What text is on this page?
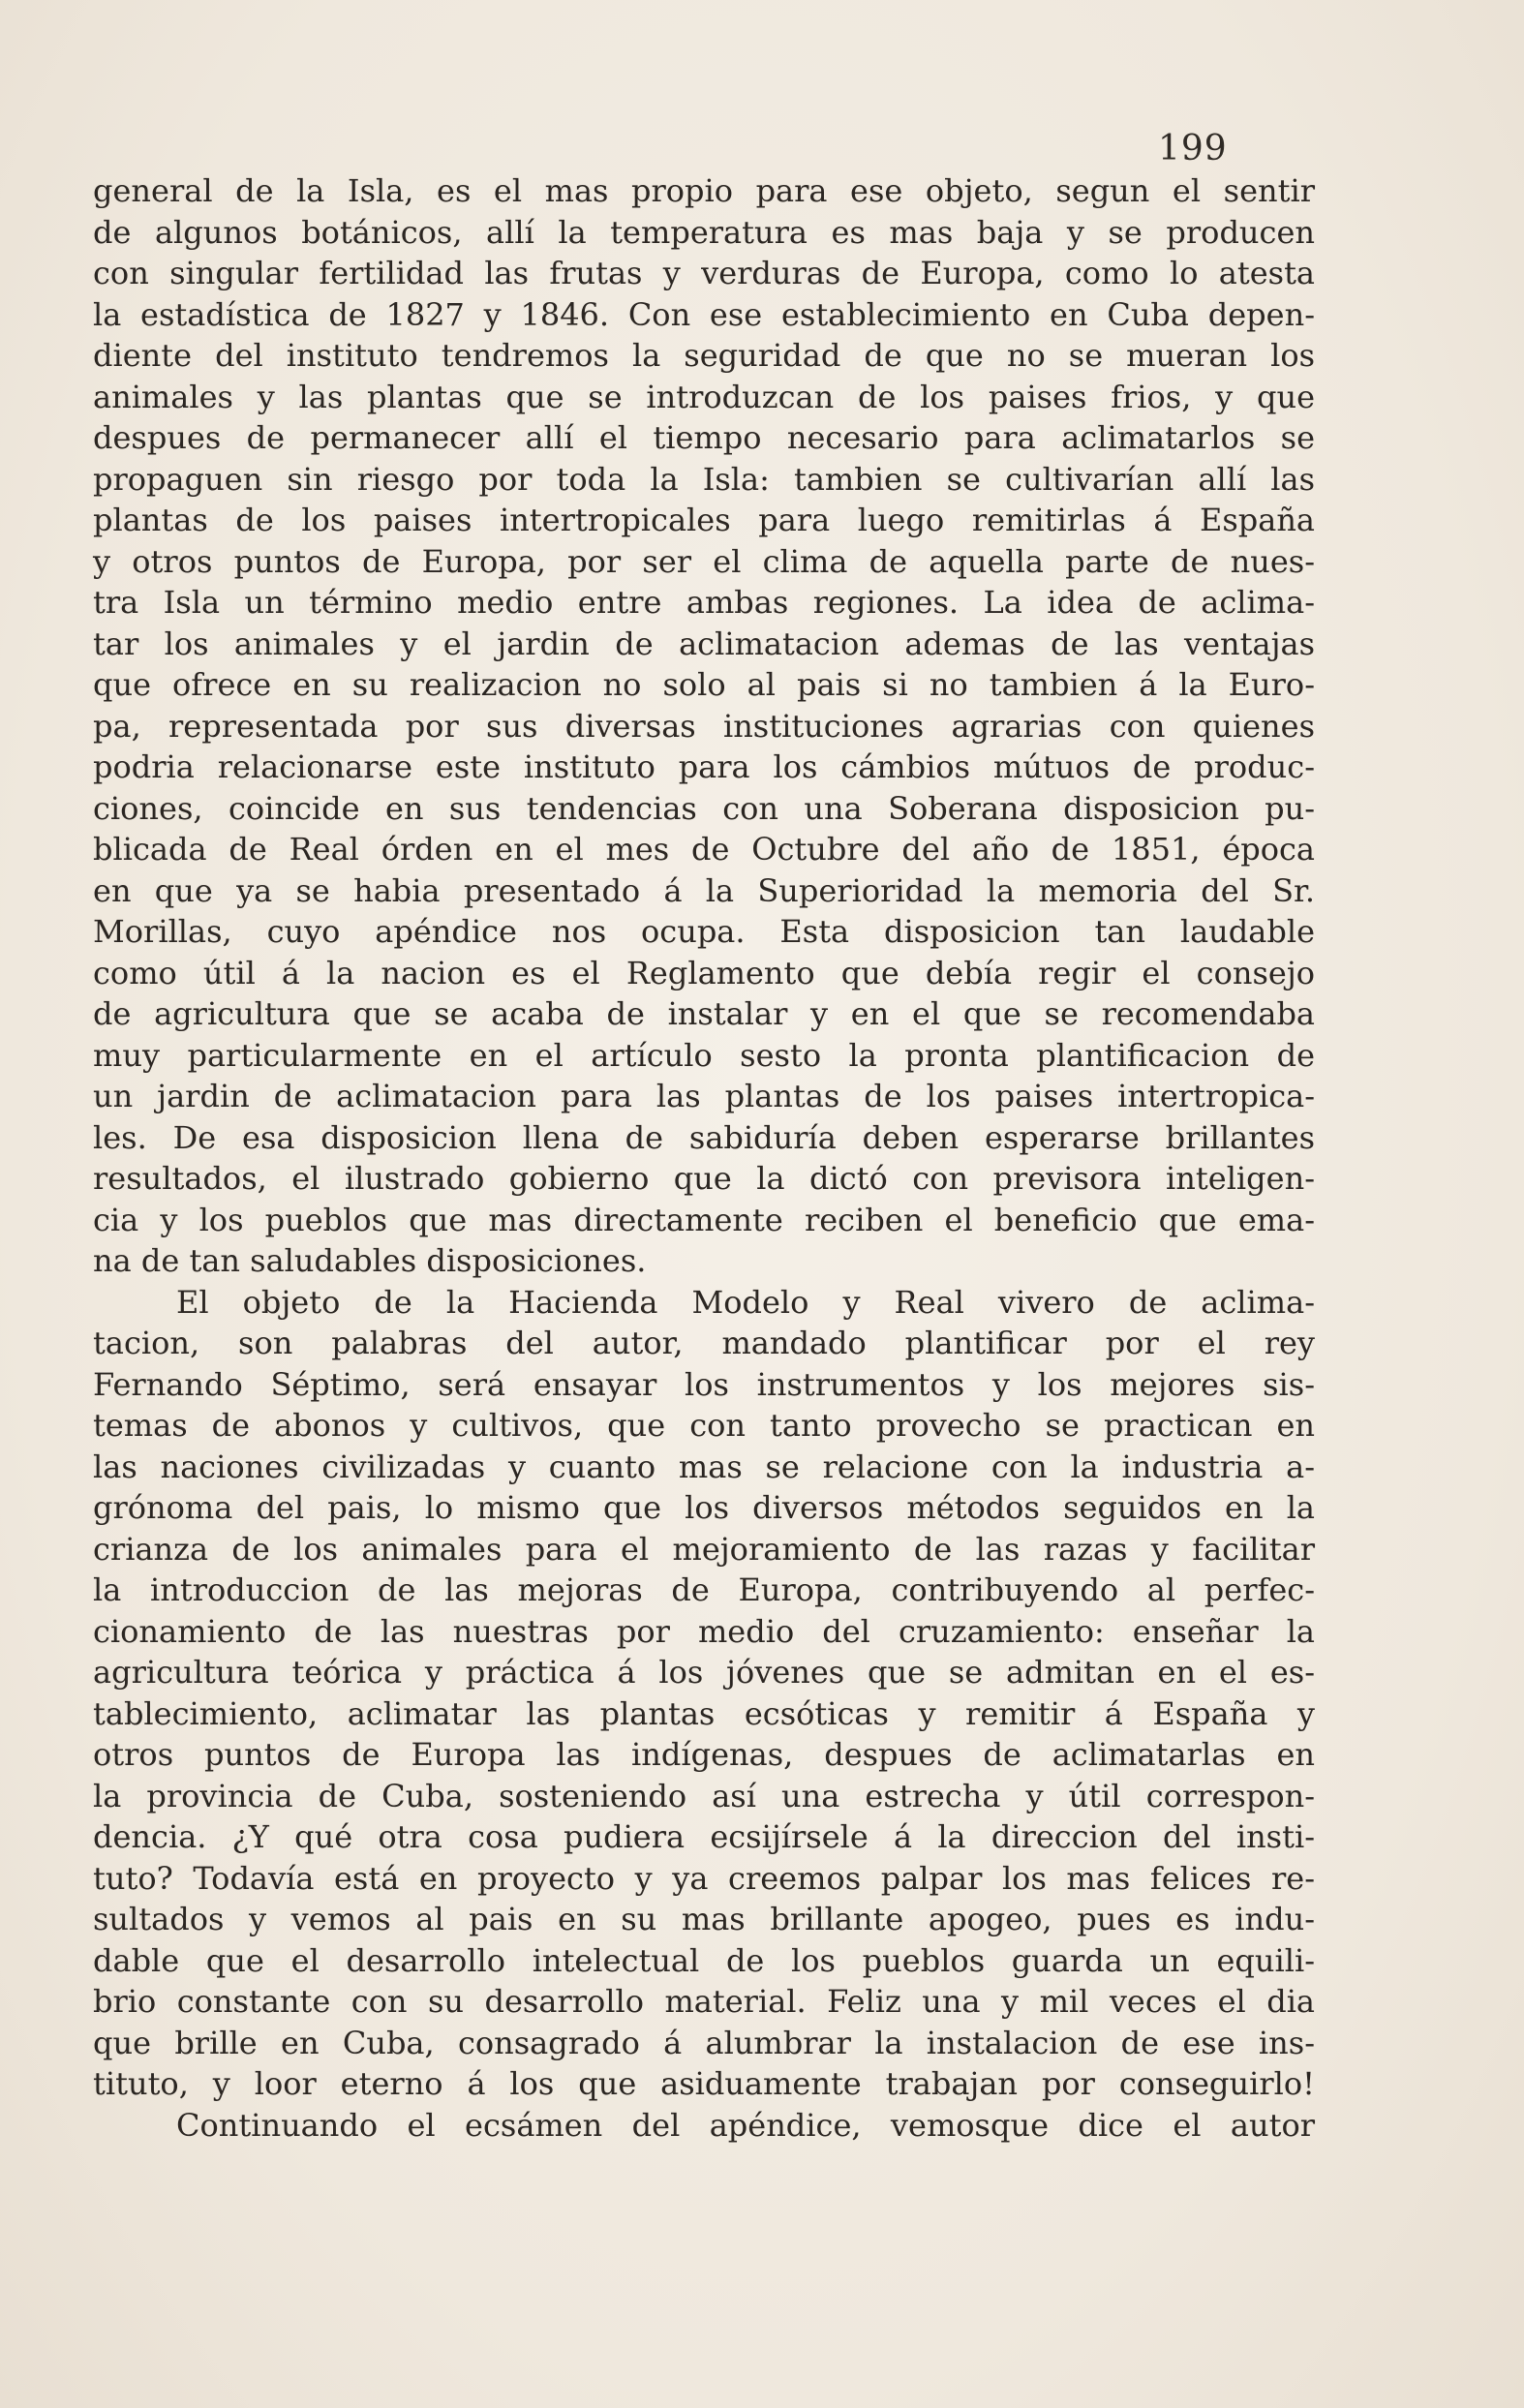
199
general de la Isla, es el mas propio para ese objeto, segun el sentir
de algunos botánicos, allí la temperatura es mas baja y se producen
con singular fertilidad las frutas y verduras de Europa, como lo atesta
la estadística de 1827 y 1846. Con ese establecimiento en Cuba depen-
diente del instituto tendremos la seguridad de que no se mueran los
animales y las plantas que se introduzcan de los paises frios, y que
despues de permanecer allí el tiempo necesario para aclimatarlos se
propaguen sin riesgo por toda la Isla: tambien se cultivarían allí las
plantas de los paises intertropicales para luego remitirlas á España
y otros puntos de Europa, por ser el clima de aquella parte de nues-
tra Isla un término medio entre ambas regiones. La idea de aclima-
tar los animales y el jardin de aclimatacion ademas de las ventajas
que ofrece en su realizacion no solo al pais si no tambien á la Euro-
pa, representada por sus diversas instituciones agrarias con quienes
podria relacionarse este instituto para los cámbios mútuos de produc-
ciones, coincide en sus tendencias con una Soberana disposicion pu-
blicada de Real órden en el mes de Octubre del año de 1851, época
en que ya se habia presentado á la Superioridad la memoria del Sr.
Morillas, cuyo apéndice nos ocupa. Esta disposicion tan laudable
como útil á la nacion es el Reglamento que debía regir el consejo
de agricultura que se acaba de instalar y en el que se recomendaba
muy particularmente en el artículo sesto la pronta plantificacion de
un jardin de aclimatacion para las plantas de los paises intertropica-
les. De esa disposicion llena de sabiduría deben esperarse brillantes
resultados, el ilustrado gobierno que la dictó con previsora inteligen-
cia y los pueblos que mas directamente reciben el beneficio que ema-
na de tan saludables disposiciones.
El objeto de la Hacienda Modelo y Real vivero de aclima-
tacion, son palabras del autor, mandado plantificar por el rey
Fernando Séptimo, será ensayar los instrumentos y los mejores sis-
temas de abonos y cultivos, que con tanto provecho se practican en
las naciones civilizadas y cuanto mas se relacione con la industria a-
grónoma del pais, lo mismo que los diversos métodos seguidos en la
crianza de los animales para el mejoramiento de las razas y facilitar
la introduccion de las mejoras de Europa, contribuyendo al perfec-
cionamiento de las nuestras por medio del cruzamiento: enseñar la
agricultura teórica y práctica á los jóvenes que se admitan en el es-
tablecimiento, aclimatar las plantas ecsóticas y remitir á España y
otros puntos de Europa las indígenas, despues de aclimatarlas en
la provincia de Cuba, sosteniendo así una estrecha y útil correspon-
dencia. ¿Y qué otra cosa pudiera ecsijírsele á la direccion del insti-
tuto? Todavía está en proyecto y ya creemos palpar los mas felices re-
sultados y vemos al pais en su mas brillante apogeo, pues es indu-
dable que el desarrollo intelectual de los pueblos guarda un equili-
brio constante con su desarrollo material. Feliz una y mil veces el dia
que brille en Cuba, consagrado á alumbrar la instalacion de ese ins-
tituto, y loor eterno á los que asiduamente trabajan por conseguirlo!
Continuando el ecsámen del apéndice, vemosque dice el autor
